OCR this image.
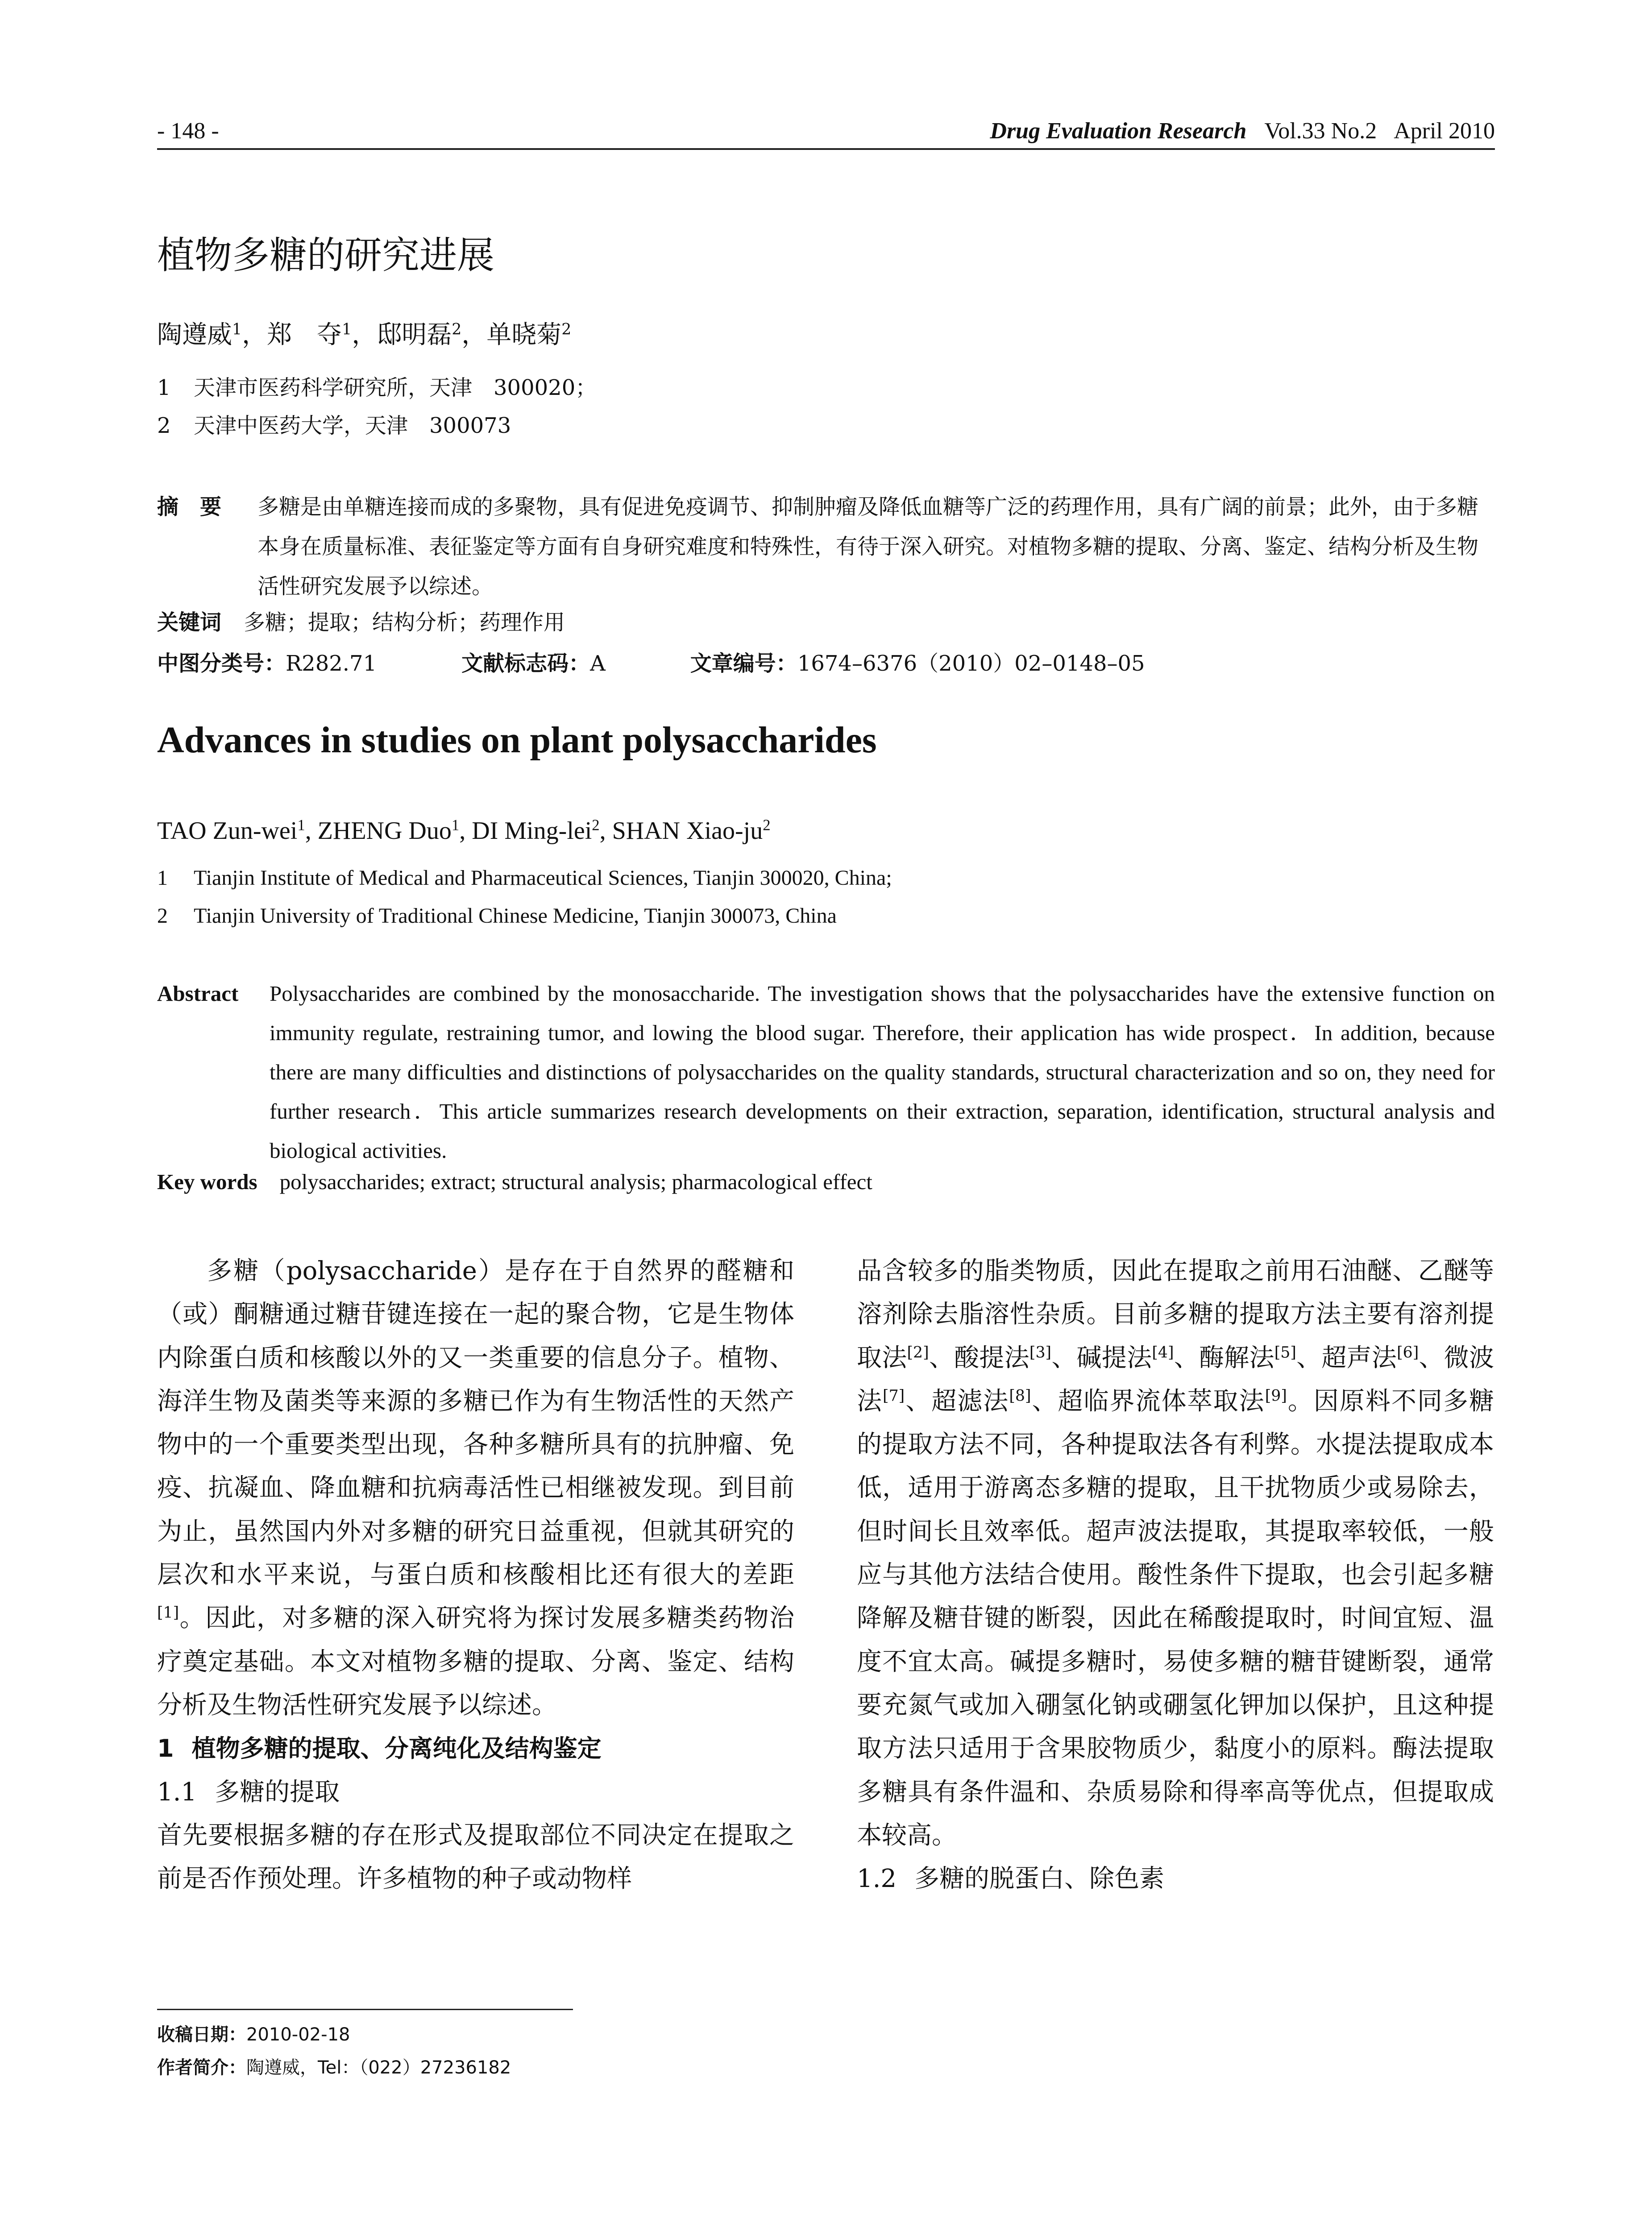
- 148 -	Drug Evaluation Research Vol.33 No.2 April 2010
植物多糖的研究进展
陶遵威$^1$，郑　夺$^1$，邸明磊$^2$，单晓菊$^2$
1 天津市医药科学研究所，天津　300020；
2 天津中医药大学，天津　300073
摘　要 多糖是由单糖连接而成的多聚物，具有促进免疫调节、抑制肿瘤及降低血糖等广泛的药理作用，具有广阔的前景；此外，由于多糖本身在质量标准、表征鉴定等方面有自身研究难度和特殊性，有待于深入研究。对植物多糖的提取、分离、鉴定、结构分析及生物活性研究发展予以综述。
关键词 多糖；提取；结构分析；药理作用
中图分类号：R282.71	文献标志码：A	文章编号：1674–6376（2010）02–0148–05
Advances in studies on plant polysaccharides
TAO Zun-wei$^1$, ZHENG Duo$^1$, DI Ming-lei$^2$, SHAN Xiao-$ju^2$
1 Tianjin Institute of Medical and Pharmaceutical Sciences, Tianjin 300020, China;
2 Tianjin University of Traditional Chinese Medicine, Tianjin 300073, China
Abstract Polysaccharides are combined by the monosaccharide. The investigation shows that the polysaccharides have the extensive function on immunity regulate, restraining tumor, and lowing the blood sugar. Therefore, their application has wide prospect．In addition, because there are many difficulties and distinctions of polysaccharides on the quality standards, structural characterization and so on, they need for further research．This article summarizes research developments on their extraction, separation, identification, structural analysis and biological activities.
Key words polysaccharides; extract; structural analysis; pharmacological effect

多糖（polysaccharide）是存在于自然界的醛糖和（或）酮糖通过糖苷键连接在一起的聚合物，它是生物体内除蛋白质和核酸以外的又一类重要的信息分子。植物、海洋生物及菌类等来源的多糖已作为有生物活性的天然产物中的一个重要类型出现，各种多糖所具有的抗肿瘤、免疫、抗凝血、降血糖和抗病毒活性已相继被发现。到目前为止，虽然国内外对多糖的研究日益重视，但就其研究的层次和水平来说，与蛋白质和核酸相比还有很大的差距[1]。因此，对多糖的深入研究将为探讨发展多糖类药物治疗奠定基础。本文对植物多糖的提取、分离、鉴定、结构分析及生物活性研究发展予以综述。

1 植物多糖的提取、分离纯化及结构鉴定

1.1 多糖的提取

首先要根据多糖的存在形式及提取部位不同决定在提取之前是否作预处理。许多植物的种子或动物样

品含较多的脂类物质，因此在提取之前用石油醚、乙醚等溶剂除去脂溶性杂质。目前多糖的提取方法主要有溶剂提取法[2]、酸提法[3]、碱提法[4]、酶解法[5]、超声法[6]、微波法[7]、超滤法[8]、超临界流体萃取法[9]。因原料不同多糖的提取方法不同，各种提取法各有利弊。水提法提取成本低，适用于游离态多糖的提取，且干扰物质少或易除去，但时间长且效率低。超声波法提取，其提取率较低，一般应与其他方法结合使用。酸性条件下提取，也会引起多糖降解及糖苷键的断裂，因此在稀酸提取时，时间宜短、温度不宜太高。碱提多糖时，易使多糖的糖苷键断裂，通常要充氮气或加入硼氢化钠或硼氢化钾加以保护，且这种提取方法只适用于含果胶物质少，黏度小的原料。酶法提取多糖具有条件温和、杂质易除和得率高等优点，但提取成本较高。

1.2 多糖的脱蛋白、除色素

收稿日期：2010-02-18
作者简介：陶遵威，Tel：（022）27236182
